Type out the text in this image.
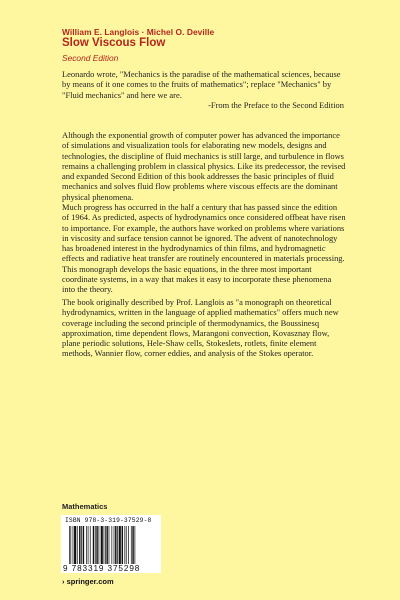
William E. Langlois · Michel O. Deville
Slow Viscous Flow
Second Edition

Leonardo wrote, "Mechanics is the paradise of the mathematical sciences, because by means of it one comes to the fruits of mathematics"; replace "Mechanics" by "Fluid mechanics" and here we are.

-From the Preface to the Second Edition

Although the exponential growth of computer power has advanced the importance of simulations and visualization tools for elaborating new models, designs and technologies, the discipline of fluid mechanics is still large, and turbulence in flows remains a challenging problem in classical physics. Like its predecessor, the revised and expanded Second Edition of this book addresses the basic principles of fluid mechanics and solves fluid flow problems where viscous effects are the dominant physical phenomena.

Much progress has occurred in the half a century that has passed since the edition of 1964. As predicted, aspects of hydrodynamics once considered offbeat have risen to importance. For example, the authors have worked on problems where variations in viscosity and surface tension cannot be ignored. The advent of nanotechnology has broadened interest in the hydrodynamics of thin films, and hydromagnetic effects and radiative heat transfer are routinely encountered in materials processing. This monograph develops the basic equations, in the three most important coordinate systems, in a way that makes it easy to incorporate these phenomena into the theory.

The book originally described by Prof. Langlois as "a monograph on theoretical hydrodynamics, written in the language of applied mathematics" offers much new coverage including the second principle of thermodynamics, the Boussinesq approximation, time dependent flows, Marangoni convection, Kovasznay flow, plane periodic solutions, Hele-Shaw cells, Stokeslets, rotlets, finite element methods, Wannier flow, corner eddies, and analysis of the Stokes operator.

Mathematics
ISBN 978-3-319-37529-8
9 783319 375298
› springer.com
